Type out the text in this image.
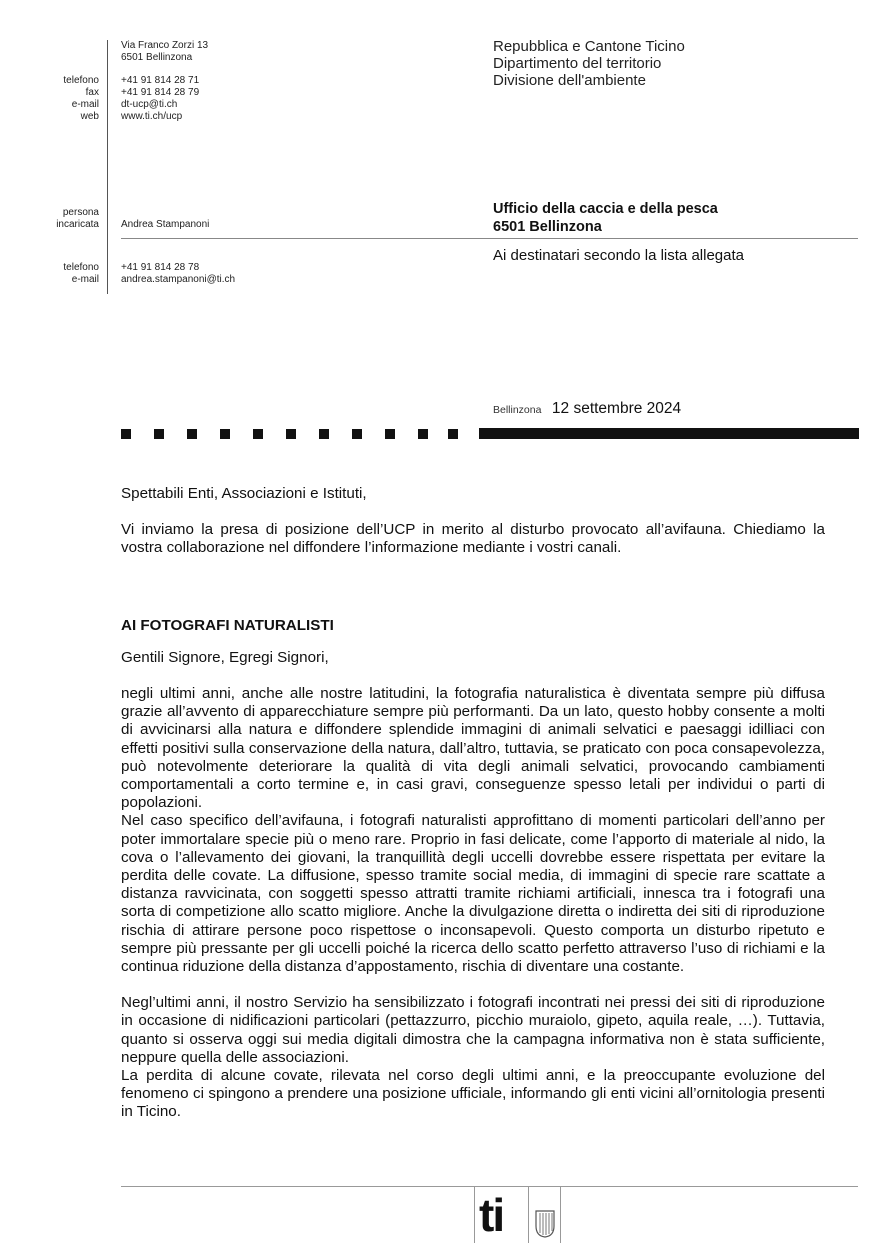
Via Franco Zorzi 13
6501 Bellinzona
telefono
fax
e-mail
web
+41 91 814 28 71
+41 91 814 28 79
dt-ucp@ti.ch
www.ti.ch/ucp
persona
incaricata Andrea Stampanoni
telefono
e-mail
+41 91 814 28 78
andrea.stampanoni@ti.ch
Repubblica e Cantone Ticino
Dipartimento del territorio
Divisione dell'ambiente
Ufficio della caccia e della pesca
6501 Bellinzona
Ai destinatari secondo la lista allegata
Bellinzona 12 settembre 2024

Spettabili Enti, Associazioni e Istituti,

Vi inviamo la presa di posizione dell’UCP in merito al disturbo provocato all’avifauna. Chiediamo la vostra collaborazione nel diffondere l’informazione mediante i vostri canali.

AI FOTOGRAFI NATURALISTI

Gentili Signore, Egregi Signori,

negli ultimi anni, anche alle nostre latitudini, la fotografia naturalistica è diventata sempre più diffusa grazie all’avvento di apparecchiature sempre più performanti. Da un lato, questo hobby consente a molti di avvicinarsi alla natura e diffondere splendide immagini di animali selvatici e paesaggi idilliaci con effetti positivi sulla conservazione della natura, dall’altro, tuttavia, se praticato con poca consapevolezza, può notevolmente deteriorare la qualità di vita degli animali selvatici, provocando cambiamenti comportamentali a corto termine e, in casi gravi, conseguenze spesso letali per individui o parti di popolazioni.

Nel caso specifico dell’avifauna, i fotografi naturalisti approfittano di momenti particolari dell’anno per poter immortalare specie più o meno rare. Proprio in fasi delicate, come l’apporto di materiale al nido, la cova o l’allevamento dei giovani, la tranquillità degli uccelli dovrebbe essere rispettata per evitare la perdita delle covate. La diffusione, spesso tramite social media, di immagini di specie rare scattate a distanza ravvicinata, con soggetti spesso attratti tramite richiami artificiali, innesca tra i fotografi una sorta di competizione allo scatto migliore. Anche la divulgazione diretta o indiretta dei siti di riproduzione rischia di attirare persone poco rispettose o inconsapevoli. Questo comporta un disturbo ripetuto e sempre più pressante per gli uccelli poiché la ricerca dello scatto perfetto attraverso l’uso di richiami e la continua riduzione della distanza d’appostamento, rischia di diventare una costante.

Negl’ultimi anni, il nostro Servizio ha sensibilizzato i fotografi incontrati nei pressi dei siti di riproduzione in occasione di nidificazioni particolari (pettazzurro, picchio muraiolo, gipeto, aquila reale, …). Tuttavia, quanto si osserva oggi sui media digitali dimostra che la campagna informativa non è stata sufficiente, neppure quella delle associazioni.

La perdita di alcune covate, rilevata nel corso degli ultimi anni, e la preoccupante evoluzione del fenomeno ci spingono a prendere una posizione ufficiale, informando gli enti vicini all’ornitologia presenti in Ticino.

ti
